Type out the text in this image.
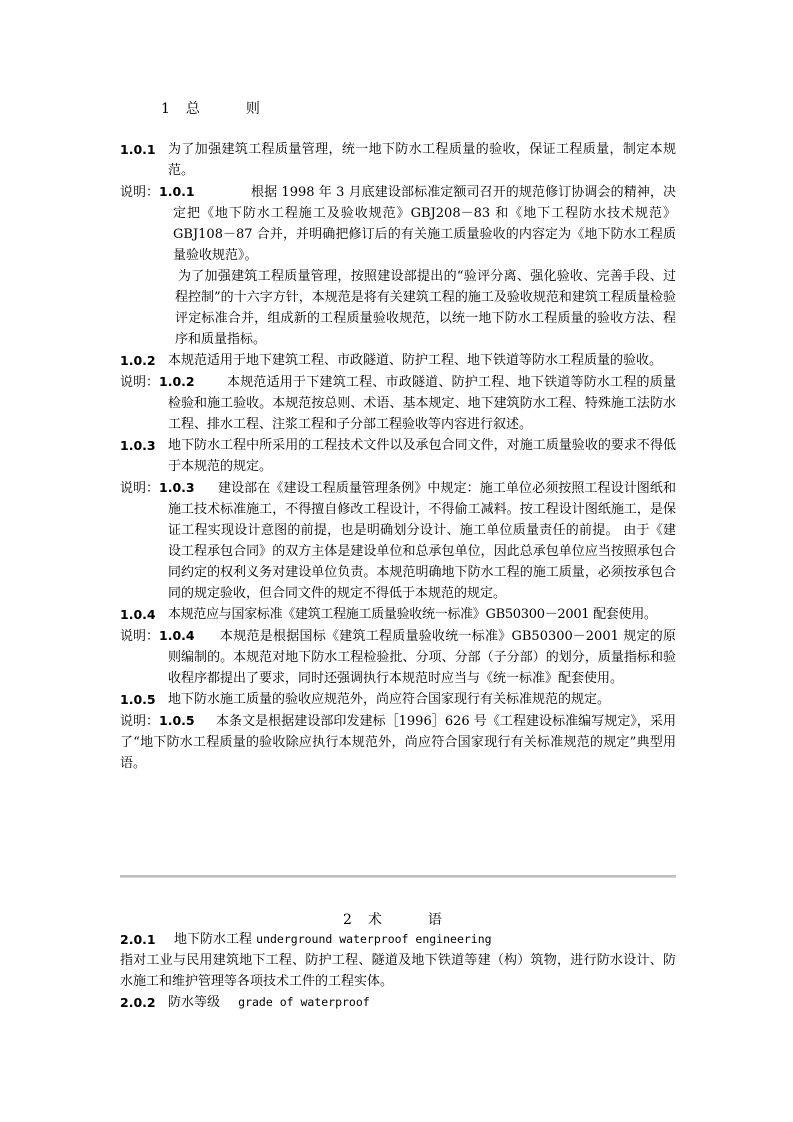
1　总　　　则
1.0.1 为了加强建筑工程质量管理，统一地下防水工程质量的验收，保证工程质量，制定本规范。
说明：1.0.1	根据 1998 年 3 月底建设部标准定额司召开的规范修订协调会的精神，决定把《地下防水工程施工及验收规范》GBJ208－83 和《地下工程防水技术规范》GBJ108－87 合并，并明确把修订后的有关施工质量验收的内容定为《地下防水工程质量验收规范》。
为了加强建筑工程质量管理，按照建设部提出的“验评分离、强化验收、完善手段、过程控制”的十六字方针，本规范是将有关建筑工程的施工及验收规范和建筑工程质量检验评定标准合并，组成新的工程质量验收规范，以统一地下防水工程质量的验收方法、程序和质量指标。
1.0.2 本规范适用于地下建筑工程、市政隧道、防护工程、地下铁道等防水工程质量的验收。
说明：1.0.2	本规范适用于下建筑工程、市政隧道、防护工程、地下铁道等防水工程的质量检验和施工验收。本规范按总则、术语、基本规定、地下建筑防水工程、特殊施工法防水工程、排水工程、注浆工程和子分部工程验收等内容进行叙述。
1.0.3 地下防水工程中所采用的工程技术文件以及承包合同文件，对施工质量验收的要求不得低于本规范的规定。
说明：1.0.3	建设部在《建设工程质量管理条例》中规定：施工单位必须按照工程设计图纸和施工技术标准施工，不得擅自修改工程设计，不得偷工减料。按工程设计图纸施工，是保证工程实现设计意图的前提，也是明确划分设计、施工单位质量责任的前提。 由于《建设工程承包合同》的双方主体是建设单位和总承包单位，因此总承包单位应当按照承包合同约定的权利义务对建设单位负责。本规范明确地下防水工程的施工质量，必须按承包合同的规定验收，但合同文件的规定不得低于本规范的规定。
1.0.4 本规范应与国家标准《建筑工程施工质量验收统一标准》GB50300－2001 配套使用。
说明：1.0.4	本规范是根据国标《建筑工程质量验收统一标准》GB50300－2001 规定的原则编制的。本规范对地下防水工程检验批、分项、分部（子分部）的划分，质量指标和验收程序都提出了要求，同时还强调执行本规范时应当与《统一标准》配套使用。
1.0.5 地下防水施工质量的验收应规范外，尚应符合国家现行有关标准规范的规定。
说明：1.0.5	本条文是根据建设部印发建标［1996］626 号《工程建设标准编写规定》，采用了“地下防水工程质量的验收除应执行本规范外，尚应符合国家现行有关标准规范的规定”典型用语。
2　术　　　语
2.0.1	地下防水工程 underground waterproof engineering
指对工业与民用建筑地下工程、防护工程、隧道及地下铁道等建（构）筑物，进行防水设计、防水施工和维护管理等各项技术工件的工程实体。
2.0.2 防水等级 grade of waterproof
